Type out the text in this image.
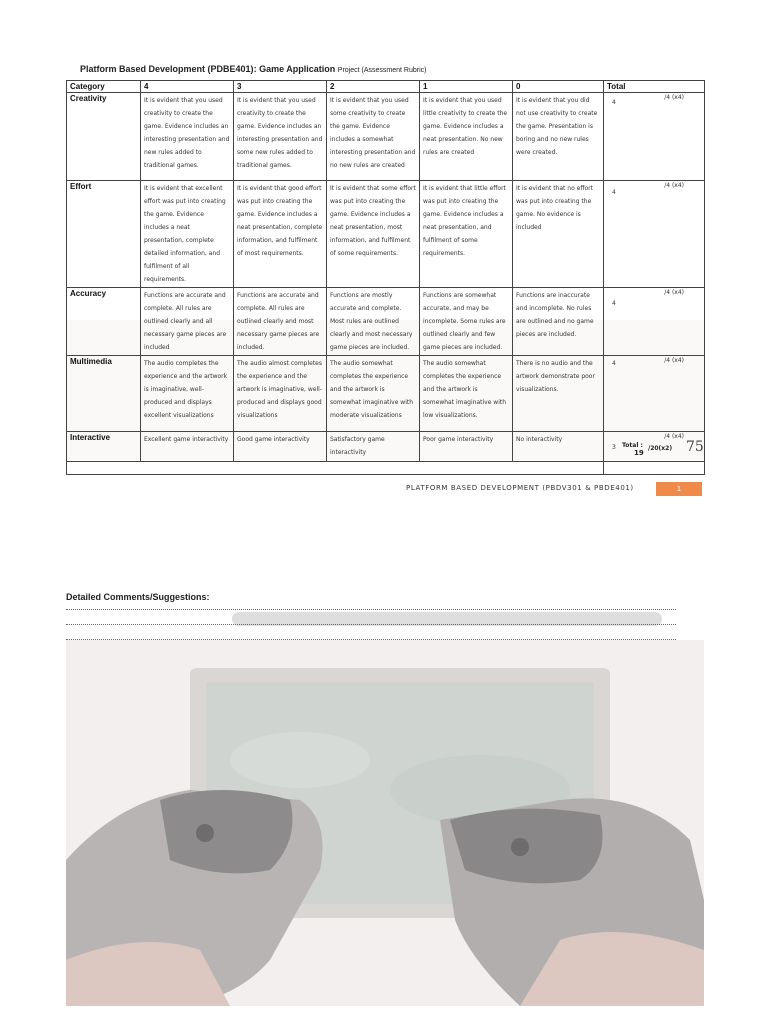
Platform Based Development (PDBE401): Game Application Project (Assessment Rubric)
Category	4	3	2	1	0	Total
Creativity	It is evident that you used creativity to create the game. Evidence includes an interesting presentation and new rules added to traditional games.	It is evident that you used creativity to create the game. Evidence includes an interesting presentation and some new rules added to traditional games.	It is evident that you used some creativity to create the game. Evidence includes a somewhat interesting presentation and no new rules are created	It is evident that you used little creativity to create the game. Evidence includes a neat presentation. No new rules are created	It is evident that you did not use creativity to create the game. Presentation is boring and no new rules were created.	4
/4 (x4)

Effort	It is evident that excellent effort was put into creating the game. Evidence includes a neat presentation, complete detailed information, and fulfilment of all requirements.	It is evident that good effort was put into creating the game. Evidence includes a neat presentation, complete information, and fulfilment of most requirements.	It is evident that some effort was put into creating the game. Evidence includes a neat presentation, most information, and fulfilment of some requirements.	It is evident that little effort was put into creating the game. Evidence includes a neat presentation, and fulfilment of some requirements.	It is evident that no effort was put into creating the game. No evidence is included	4
/4 (x4)

Accuracy	Functions are accurate and complete. All rules are outlined clearly and all necessary game pieces are included	Functions are accurate and complete. All rules are outlined clearly and most necessary game pieces are included.	Functions are mostly accurate and complete. Most rules are outlined clearly and most necessary game pieces are included.	Functions are somewhat accurate, and may be incomplete. Some rules are outlined clearly and few game pieces are included.	Functions are inaccurate and incomplete. No rules are outlined and no game pieces are included.	4
/4 (x4)

Multimedia	The audio completes the experience and the artwork is imaginative, well-produced and displays excellent visualizations	The audio almost completes the experience and the artwork is imaginative, well-produced and displays good visualizations	The audio somewhat completes the experience and the artwork is somewhat imaginative with moderate visualizations	The audio somewhat completes the experience and the artwork is somewhat imaginative with low visualizations.	There is no audio and the artwork demonstrate poor visualizations.	4 /4 (x4)

Interactive	Excellent game interactivity	Good game interactivity	Satisfactory game interactivity	Poor game interactivity	No interactivity	3
/4 (x4)

Total :
19
/20(x2) 75
PLATFORM BASED DEVELOPMENT (PBDV301 & PBDE401)	1
Detailed Comments/Suggestions:
